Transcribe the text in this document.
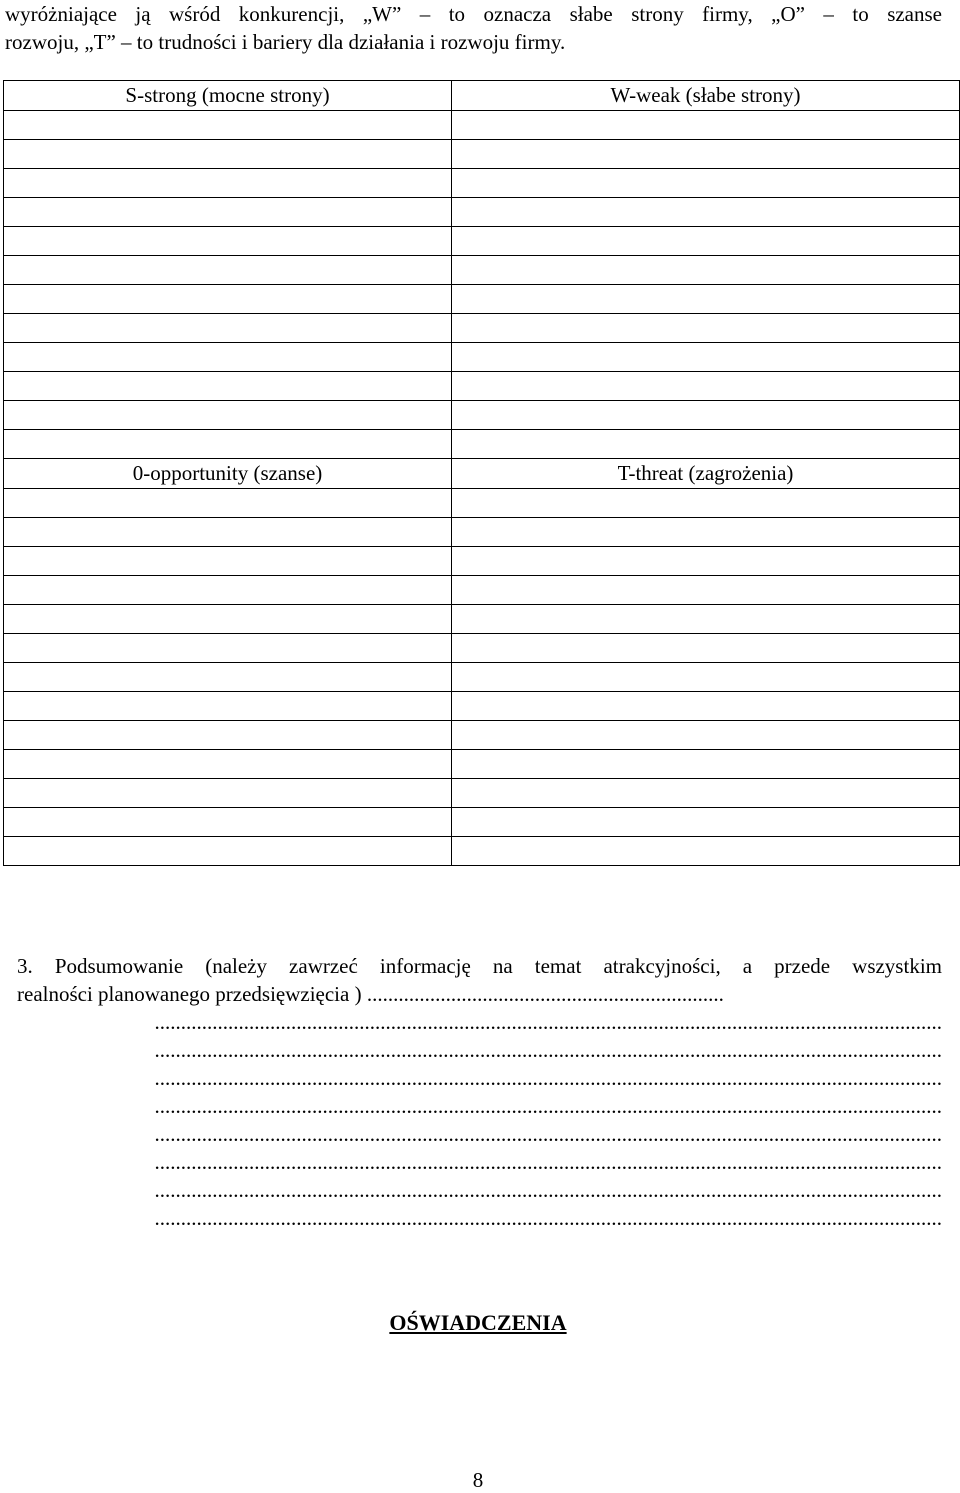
wyróżniające ją wśród konkurencji, „W” – to oznacza słabe strony firmy, „O” – to szanse
rozwoju, „T” – to trudności i bariery dla działania i rozwoju firmy.
S-strong (mocne strony)	W-weak (słabe strony)

0-opportunity (szanse)	T-threat (zagrożenia)

3. Podsumowanie (należy zawrzeć informację na temat atrakcyjności, a przede wszystkim
realności planowanego przedsięwzięcia ) ....................................................................
......................................................................................................................................................
......................................................................................................................................................
......................................................................................................................................................
......................................................................................................................................................
......................................................................................................................................................
......................................................................................................................................................
......................................................................................................................................................
......................................................................................................................................................
OŚWIADCZENIA
8
